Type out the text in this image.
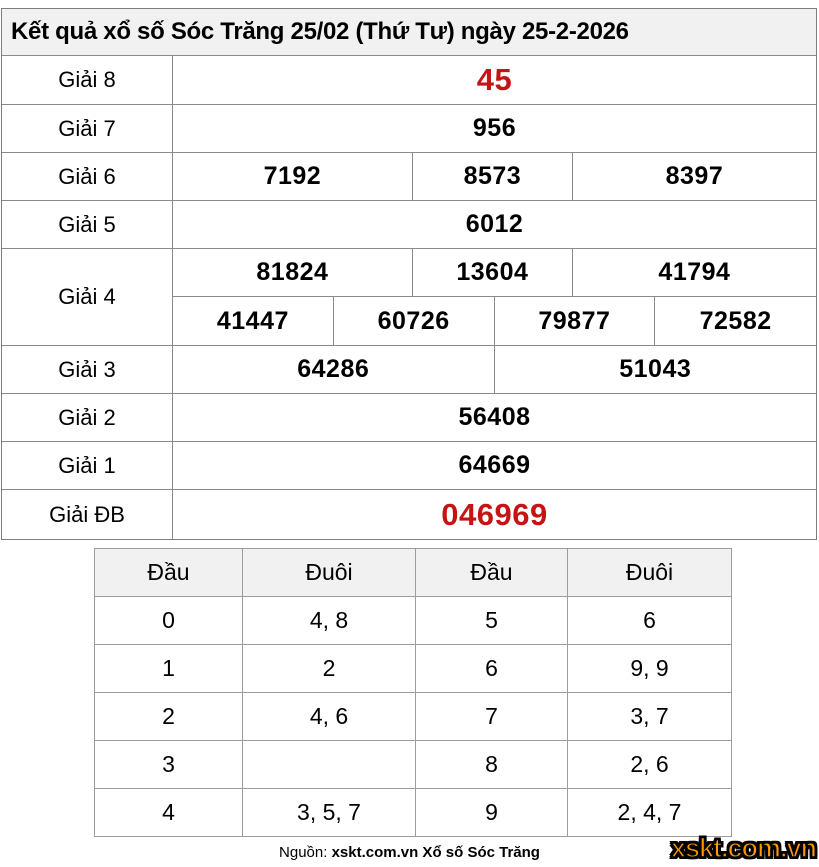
Kết quả xổ số Sóc Trăng 25/02 (Thứ Tư) ngày 25-2-2026
Giải 8	45
Giải 7	956
Giải 6	7192	8573	8397
Giải 5	6012
Giải 4
81824	13604	41794
41447	60726	79877	72582
Giải 3	64286	51043
Giải 2	56408
Giải 1	64669
Giải ĐB	046969
Đầu	Đuôi	Đầu	Đuôi
0	4, 8	5	6
1	2	6	9, 9
2	4, 6	7	3, 7
3		8	2, 6
4	3, 5, 7	9	2, 4, 7
Nguồn: xskt.com.vn Xổ số Sóc Trăng	xskt.com.vn
